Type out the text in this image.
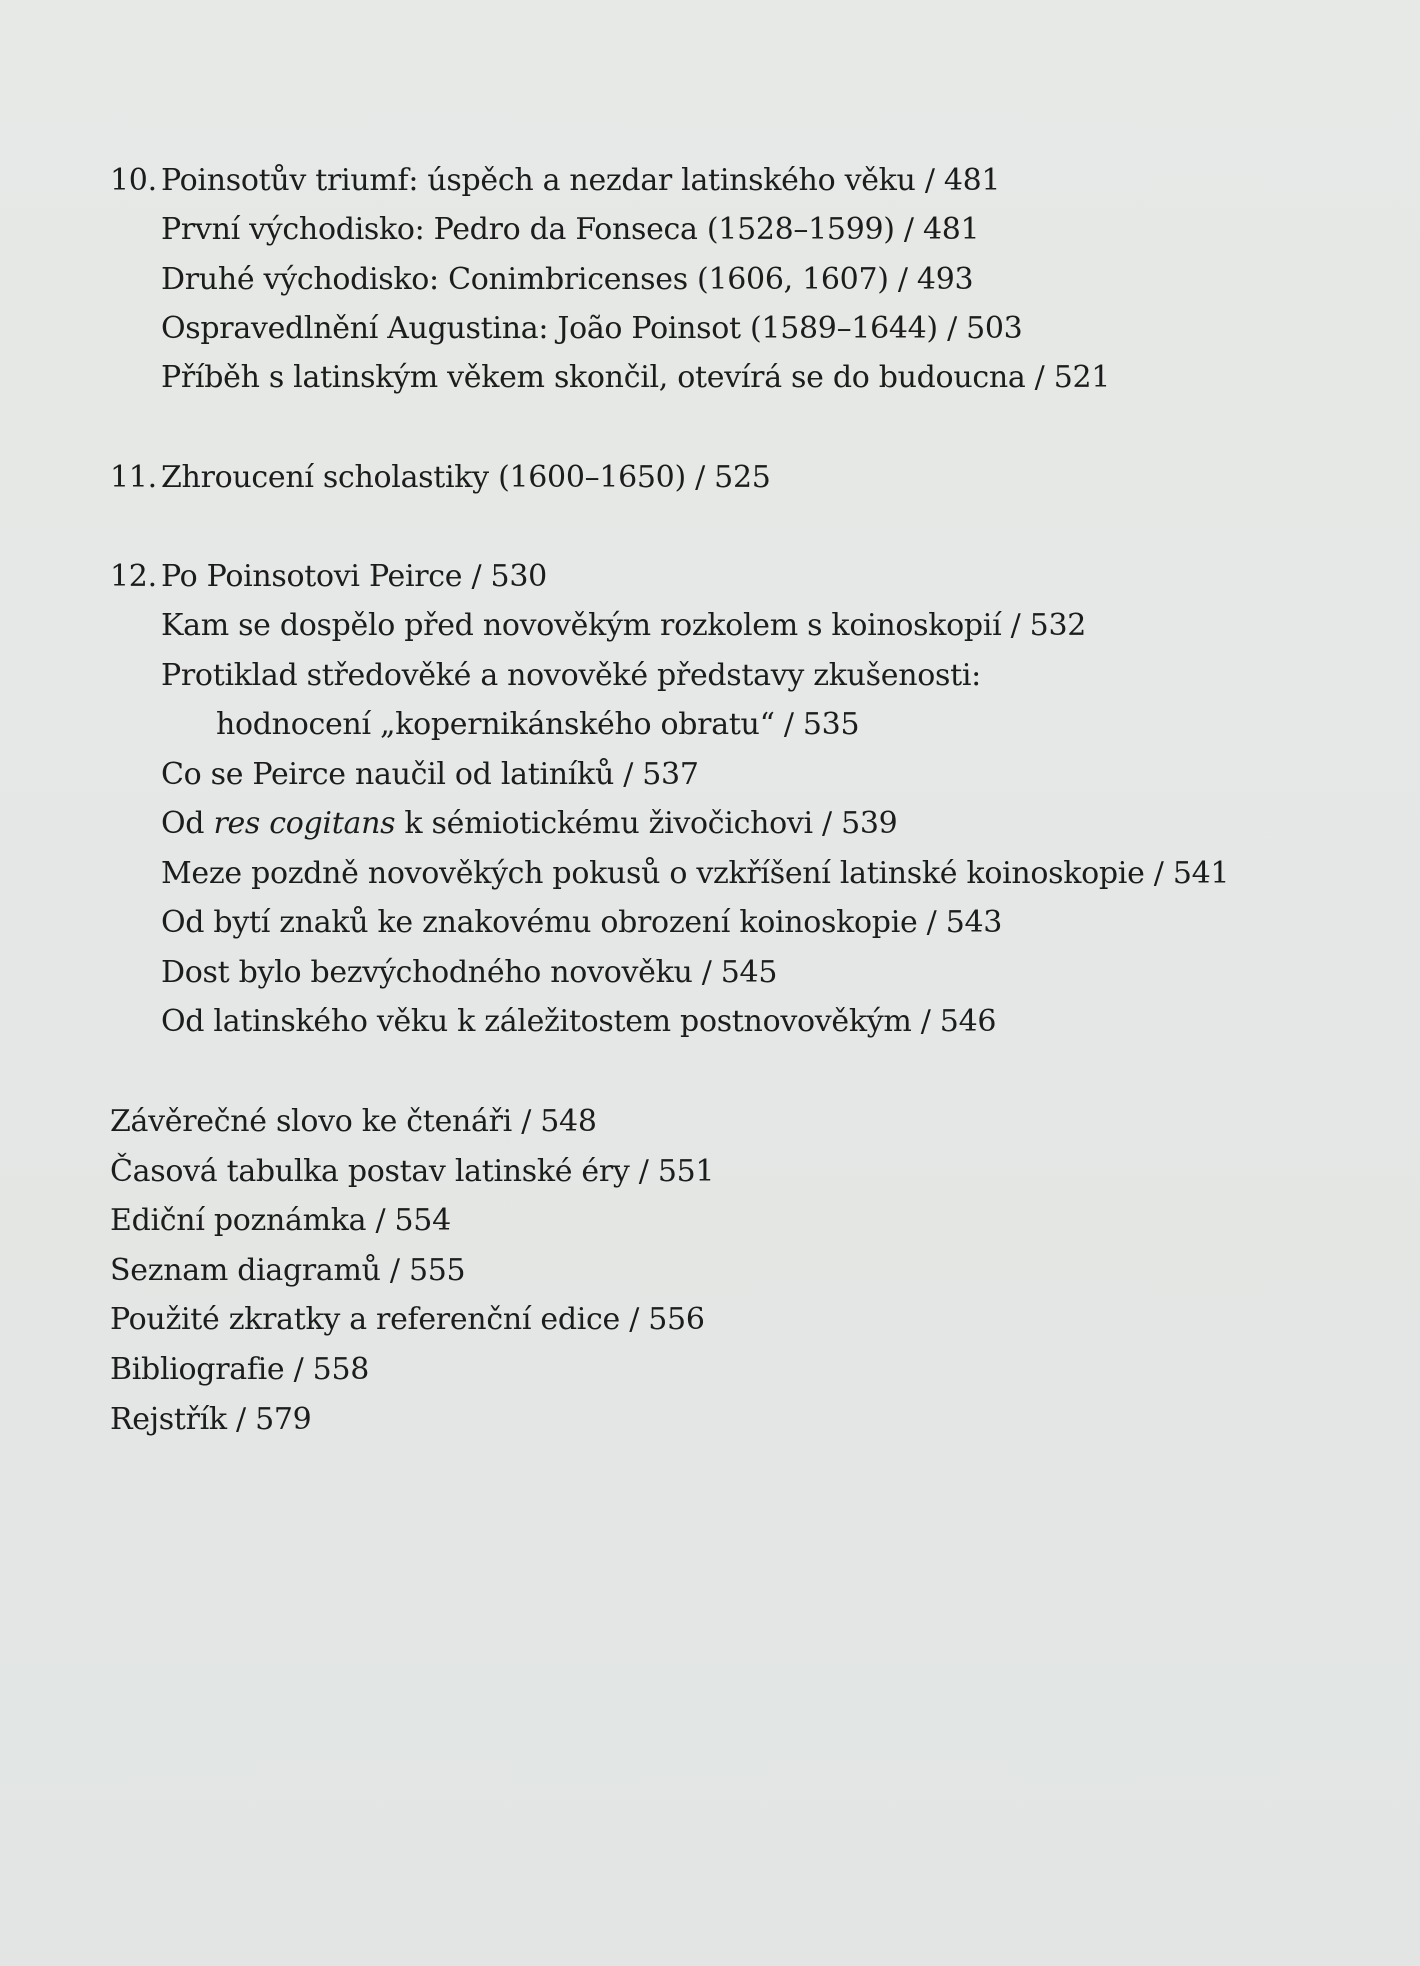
10. Poinsotův triumf: úspěch a nezdar latinského věku / 481
První východisko: Pedro da Fonseca (1528–1599) / 481
Druhé východisko: Conimbricenses (1606, 1607) / 493
Ospravedlnění Augustina: João Poinsot (1589–1644) / 503
Příběh s latinským věkem skončil, otevírá se do budoucna / 521
11. Zhroucení scholastiky (1600–1650) / 525
12. Po Poinsotovi Peirce / 530
Kam se dospělo před novověkým rozkolem s koinoskopií / 532
Protiklad středověké a novověké představy zkušenosti:
hodnocení „kopernikánského obratu“ / 535
Co se Peirce naučil od latiníků / 537
Od res cogitans k sémiotickému živočichovi / 539
Meze pozdně novověkých pokusů o vzkříšení latinské koinoskopie / 541
Od bytí znaků ke znakovému obrození koinoskopie / 543
Dost bylo bezvýchodného novověku / 545
Od latinského věku k záležitostem postnovověkým / 546
Závěrečné slovo ke čtenáři / 548
Časová tabulka postav latinské éry / 551
Ediční poznámka / 554
Seznam diagramů / 555
Použité zkratky a referenční edice / 556
Bibliografie / 558
Rejstřík / 579
